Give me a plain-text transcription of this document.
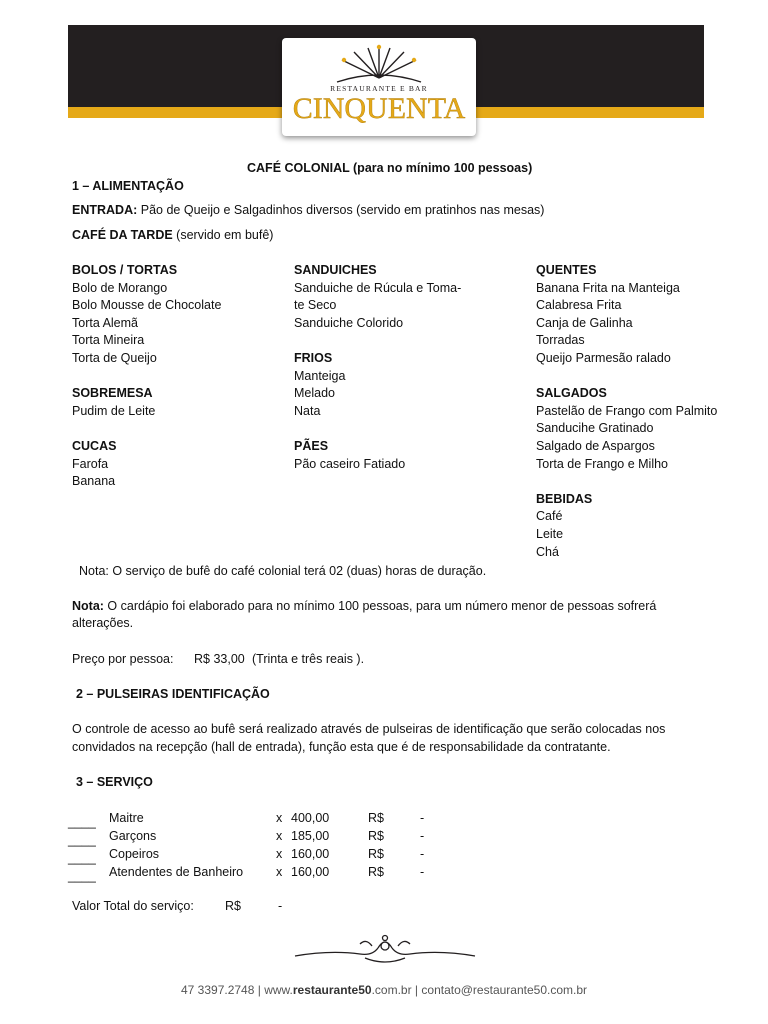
RESTAURANTE E BAR
CINQUENTA
CAFÉ COLONIAL (para no mínimo 100 pessoas)
1 – ALIMENTAÇÃO
ENTRADA: Pão de Queijo e Salgadinhos diversos (servido em pratinhos nas mesas)
CAFÉ DA TARDE (servido em bufê)
BOLOS / TORTAS
Bolo de Morango
Bolo Mousse de Chocolate
Torta Alemã
Torta Mineira
Torta de Queijo
SOBREMESA
Pudim de Leite
CUCAS
Farofa
Banana
SANDUICHES
Sanduiche de Rúcula e Toma-
te Seco
Sanduiche Colorido
FRIOS
Manteiga
Melado
Nata
PÃES
Pão caseiro Fatiado
QUENTES
Banana Frita na Manteiga
Calabresa Frita
Canja de Galinha
Torradas
Queijo Parmesão ralado
SALGADOS
Pastelão de Frango com Palmito
Sanducihe Gratinado
Salgado de Aspargos
Torta de Frango e Milho
BEBIDAS
Café
Leite
Chá
Nota: O serviço de bufê do café colonial terá 02 (duas) horas de duração.
Nota: O cardápio foi elaborado para no mínimo 100 pessoas, para um número menor de pessoas sofrerá
alterações.
Preço por pessoa: R$ 33,00 (Trinta e três reais ).
2 – PULSEIRAS IDENTIFICAÇÃO
O controle de acesso ao bufê será realizado através de pulseiras de identificação que serão colocadas nos
convidados na recepção (hall de entrada), função esta que é de responsabilidade da contratante.
3 – SERVIÇO
____ Maitre	x 400,00	R$	-
____ Garçons	x 185,00	R$	-
____ Copeiros	x 160,00	R$	-
____ Atendentes de Banheiro	x 160,00	R$	-
Valor Total do serviço: R$	-
47 3397.2748 | www.restaurante50.com.br | contato@restaurante50.com.br
